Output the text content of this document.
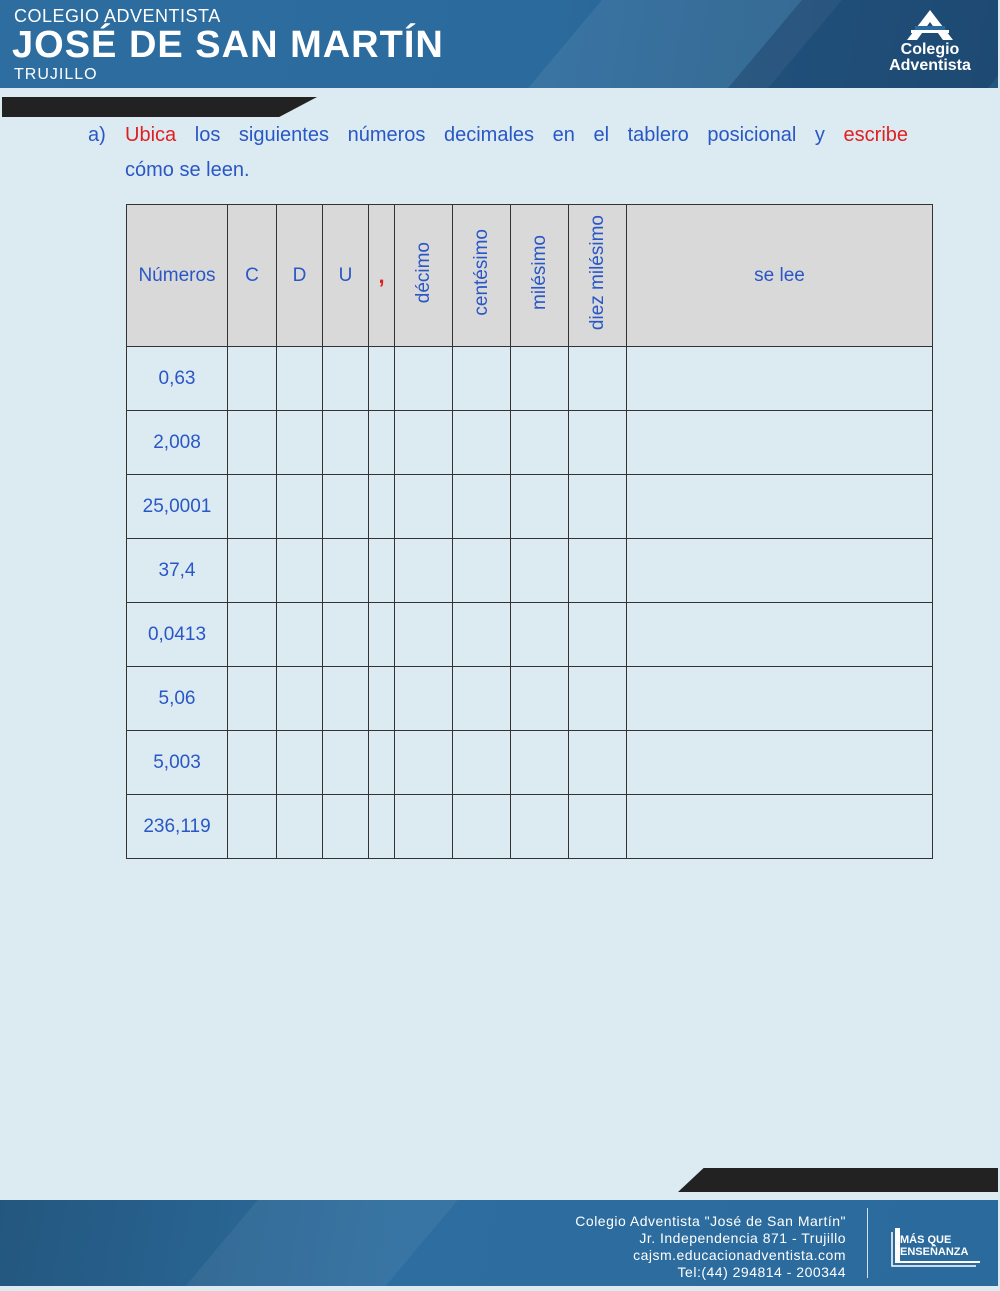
COLEGIO ADVENTISTA
JOSÉ DE SAN MARTÍN
TRUJILLO
Colegio
Adventista
a) Ubica los siguientes números decimales en el tablero posicional y escribe
cómo se leen.
Números	C	D	U	,	décimo	centésimo	milésimo	diez milésimo	se lee
0,63									
2,008									
25,0001									
37,4									
0,0413									
5,06									
5,003									
236,119									
Colegio Adventista "José de San Martín"
Jr. Independencia 871 - Trujillo
cajsm.educacionadventista.com
Tel:(44) 294814 - 200344
MÁS QUE
ENSEÑANZA
